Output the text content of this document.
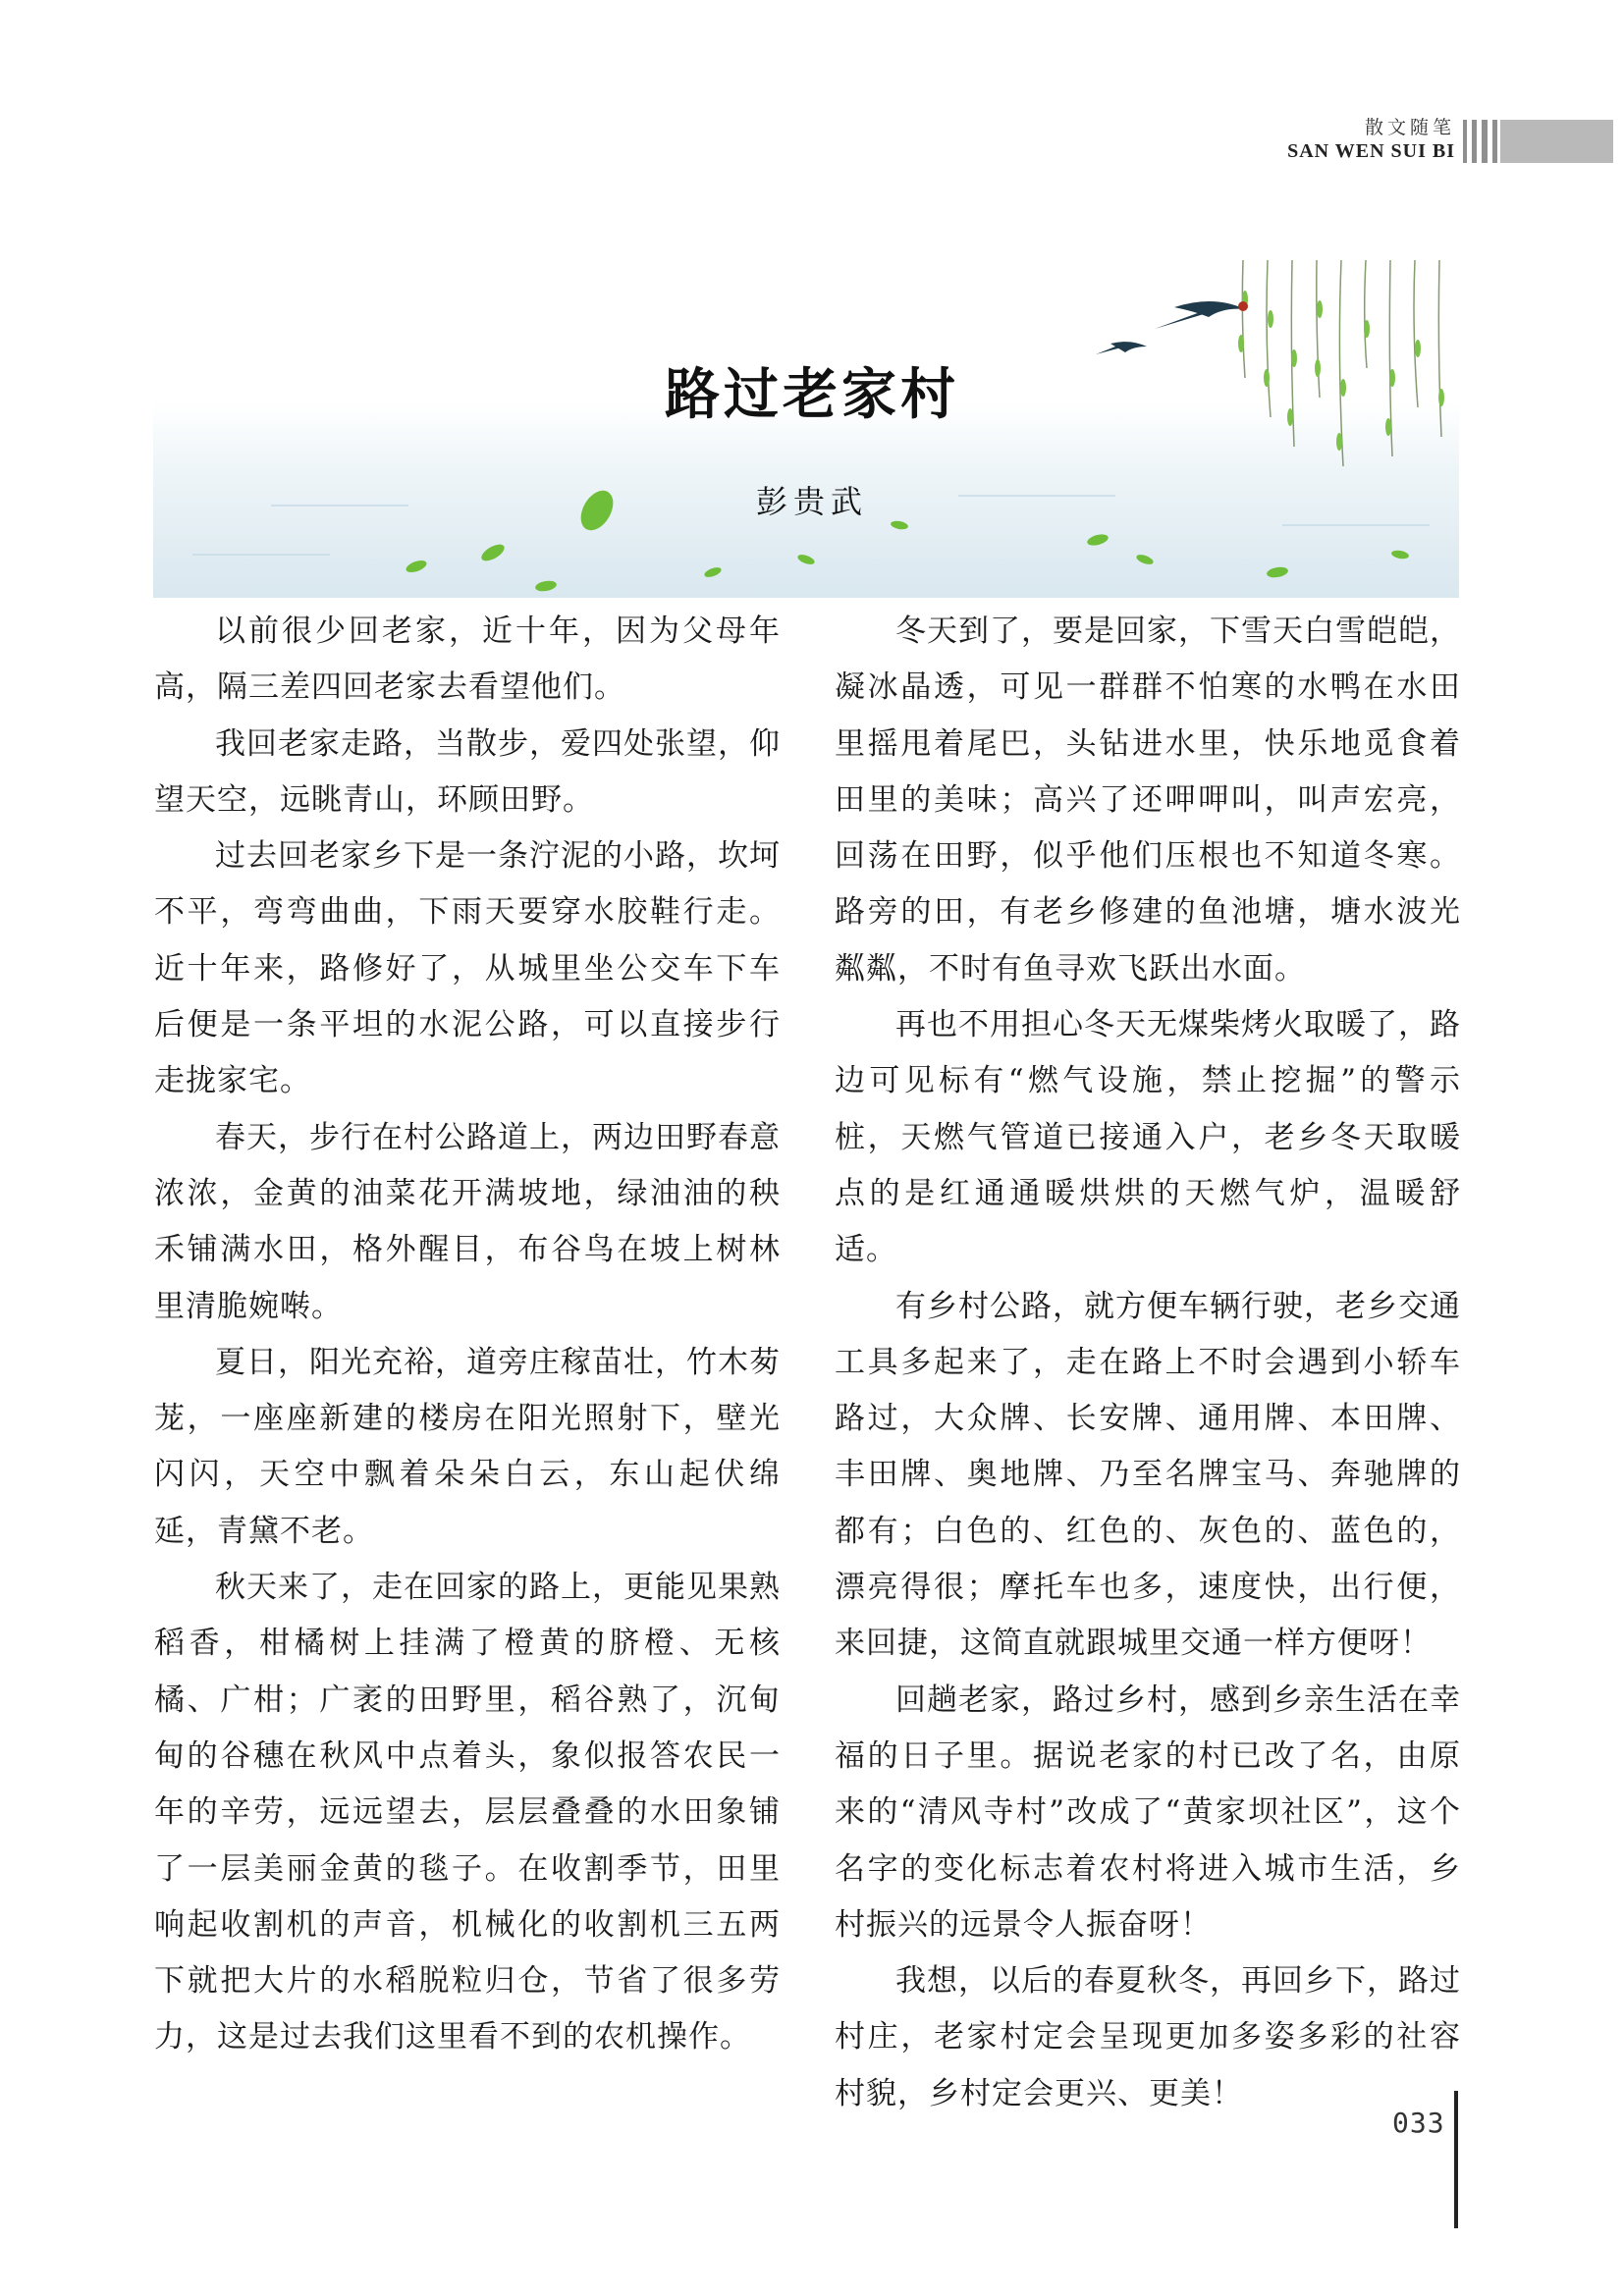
散文随笔
SAN WEN SUI BI
路过老家村
彭贵武

以前很少回老家，近十年，因为父母年高，隔三差四回老家去看望他们。

我回老家走路，当散步，爱四处张望，仰望天空，远眺青山，环顾田野。

过去回老家乡下是一条泞泥的小路，坎坷不平，弯弯曲曲，下雨天要穿水胶鞋行走。近十年来，路修好了，从城里坐公交车下车后便是一条平坦的水泥公路，可以直接步行走拢家宅。

春天，步行在村公路道上，两边田野春意浓浓，金黄的油菜花开满坡地，绿油油的秧禾铺满水田，格外醒目，布谷鸟在坡上树林里清脆婉啭。

夏日，阳光充裕，道旁庄稼苗壮，竹木茐茏，一座座新建的楼房在阳光照射下，壁光闪闪，天空中飘着朵朵白云，东山起伏绵延，青黛不老。

秋天来了，走在回家的路上，更能见果熟稻香，柑橘树上挂满了橙黄的脐橙、无核橘、广柑；广袤的田野里，稻谷熟了，沉甸甸的谷穗在秋风中点着头，象似报答农民一年的辛劳，远远望去，层层叠叠的水田象铺了一层美丽金黄的毯子。在收割季节，田里响起收割机的声音，机械化的收割机三五两下就把大片的水稻脱粒归仓，节省了很多劳力，这是过去我们这里看不到的农机操作。

冬天到了，要是回家，下雪天白雪皑皑，凝冰晶透，可见一群群不怕寒的水鸭在水田里摇甩着尾巴，头钻进水里，快乐地觅食着田里的美味；高兴了还呷呷叫，叫声宏亮，回荡在田野，似乎他们压根也不知道冬寒。路旁的田，有老乡修建的鱼池塘，塘水波光粼粼，不时有鱼寻欢飞跃出水面。

再也不用担心冬天无煤柴烤火取暖了，路边可见标有“燃气设施，禁止挖掘”的警示桩，天燃气管道已接通入户，老乡冬天取暖点的是红通通暖烘烘的天燃气炉，温暖舒适。

有乡村公路，就方便车辆行驶，老乡交通工具多起来了，走在路上不时会遇到小轿车路过，大众牌、长安牌、通用牌、本田牌、丰田牌、奥地牌、乃至名牌宝马、奔驰牌的都有；白色的、红色的、灰色的、蓝色的，漂亮得很；摩托车也多，速度快，出行便，来回捷，这简直就跟城里交通一样方便呀！

回趟老家，路过乡村，感到乡亲生活在幸福的日子里。据说老家的村已改了名，由原来的“清风寺村”改成了“黄家坝社区”，这个名字的变化标志着农村将进入城市生活，乡村振兴的远景令人振奋呀！

我想，以后的春夏秋冬，再回乡下，路过村庄，老家村定会呈现更加多姿多彩的社容村貌，乡村定会更兴、更美！

033
